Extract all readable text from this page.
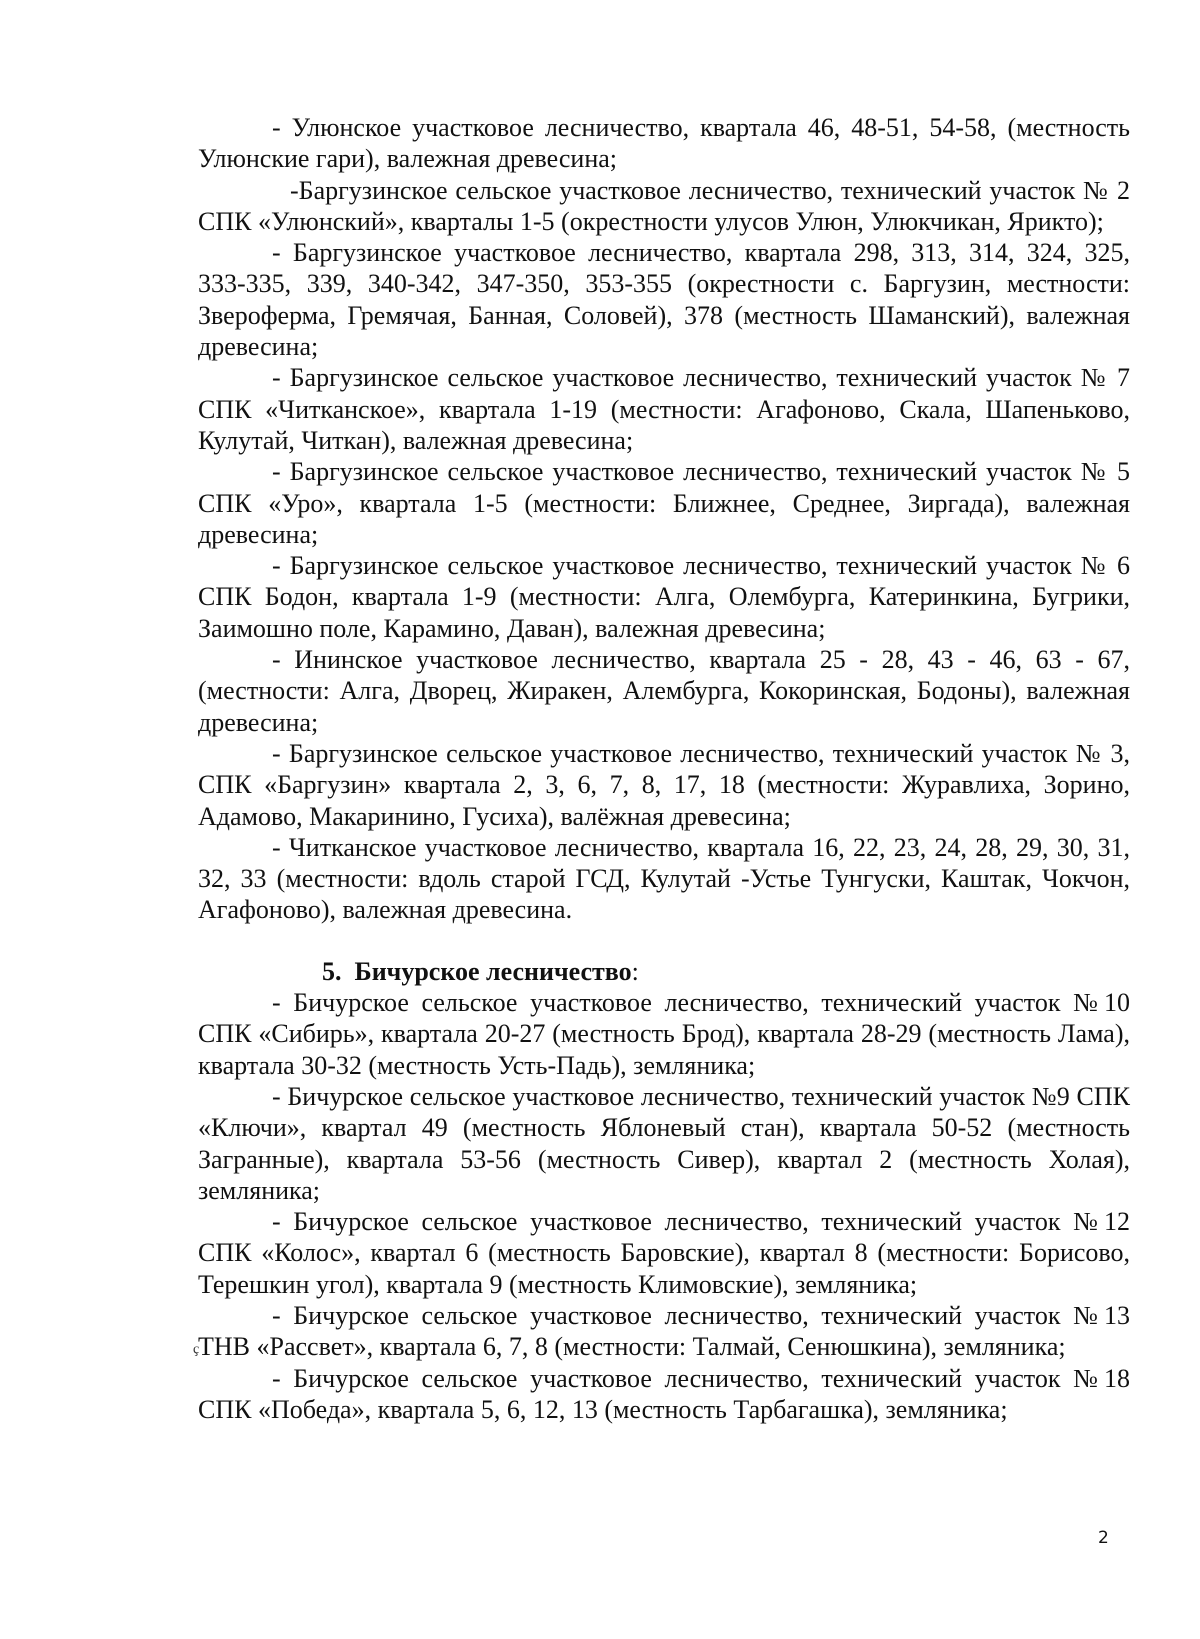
- Улюнское участковое лесничество, квартала 46, 48-51, 54-58, (местность Улюнские гари), валежная древесина;

-Баргузинское сельское участковое лесничество, технический участок № 2 СПК «Улюнский», кварталы 1-5 (окрестности улусов Улюн, Улюкчикан, Ярикто);

- Баргузинское участковое лесничество, квартала 298, 313, 314, 324, 325, 333-335, 339, 340-342, 347-350, 353-355 (окрестности с. Баргузин, местности: Звероферма, Гремячая, Банная, Соловей), 378 (местность Шаманский), валежная древесина;

- Баргузинское сельское участковое лесничество, технический участок № 7 СПК «Читканское», квартала 1-19 (местности: Агафоново, Скала, Шапеньково, Кулутай, Читкан), валежная древесина;

- Баргузинское сельское участковое лесничество, технический участок № 5 СПК «Уро», квартала 1-5 (местности: Ближнее, Среднее, Зиргада), валежная древесина;

- Баргузинское сельское участковое лесничество, технический участок № 6 СПК Бодон, квартала 1-9 (местности: Алга, Олембурга, Катеринкина, Бугрики, Заимошно поле, Карамино, Даван), валежная древесина;

- Ининское участковое лесничество, квартала 25 - 28, 43 - 46, 63 - 67, (местности: Алга, Дворец, Жиракен, Алембурга, Кокоринская, Бодоны), валежная древесина;

- Баргузинское сельское участковое лесничество, технический участок № 3, СПК «Баргузин» квартала 2, 3, 6, 7, 8, 17, 18 (местности: Журавлиха, Зорино, Адамово, Макаринино, Гусиха), валёжная древесина;

- Читканское участковое лесничество, квартала 16, 22, 23, 24, 28, 29, 30, 31, 32, 33 (местности: вдоль старой ГСД, Кулутай -Устье Тунгуски, Каштак, Чокчон, Агафоново), валежная древесина.

5. Бичурское лесничество:

- Бичурское сельское участковое лесничество, технический участок №10 СПК «Сибирь», квартала 20-27 (местность Брод), квартала 28-29 (местность Лама), квартала 30-32 (местность Усть-Падь), земляника;

- Бичурское сельское участковое лесничество, технический участок №9 СПК «Ключи», квартал 49 (местность Яблоневый стан), квартала 50-52 (местность Загранные), квартала 53-56 (местность Сивер), квартал 2 (местность Холая), земляника;

- Бичурское сельское участковое лесничество, технический участок №12 СПК «Колос», квартал 6 (местность Баровские), квартал 8 (местности: Борисово, Терешкин угол), квартала 9 (местность Климовские), земляника;

- Бичурское сельское участковое лесничество, технический участок №13 ТНВ «Рассвет», квартала 6, 7, 8 (местности: Талмай, Сенюшкина), земляника;

- Бичурское сельское участковое лесничество, технический участок №18 СПК «Победа», квартала 5, 6, 12, 13 (местность Тарбагашка), земляника;

ҫ
2
